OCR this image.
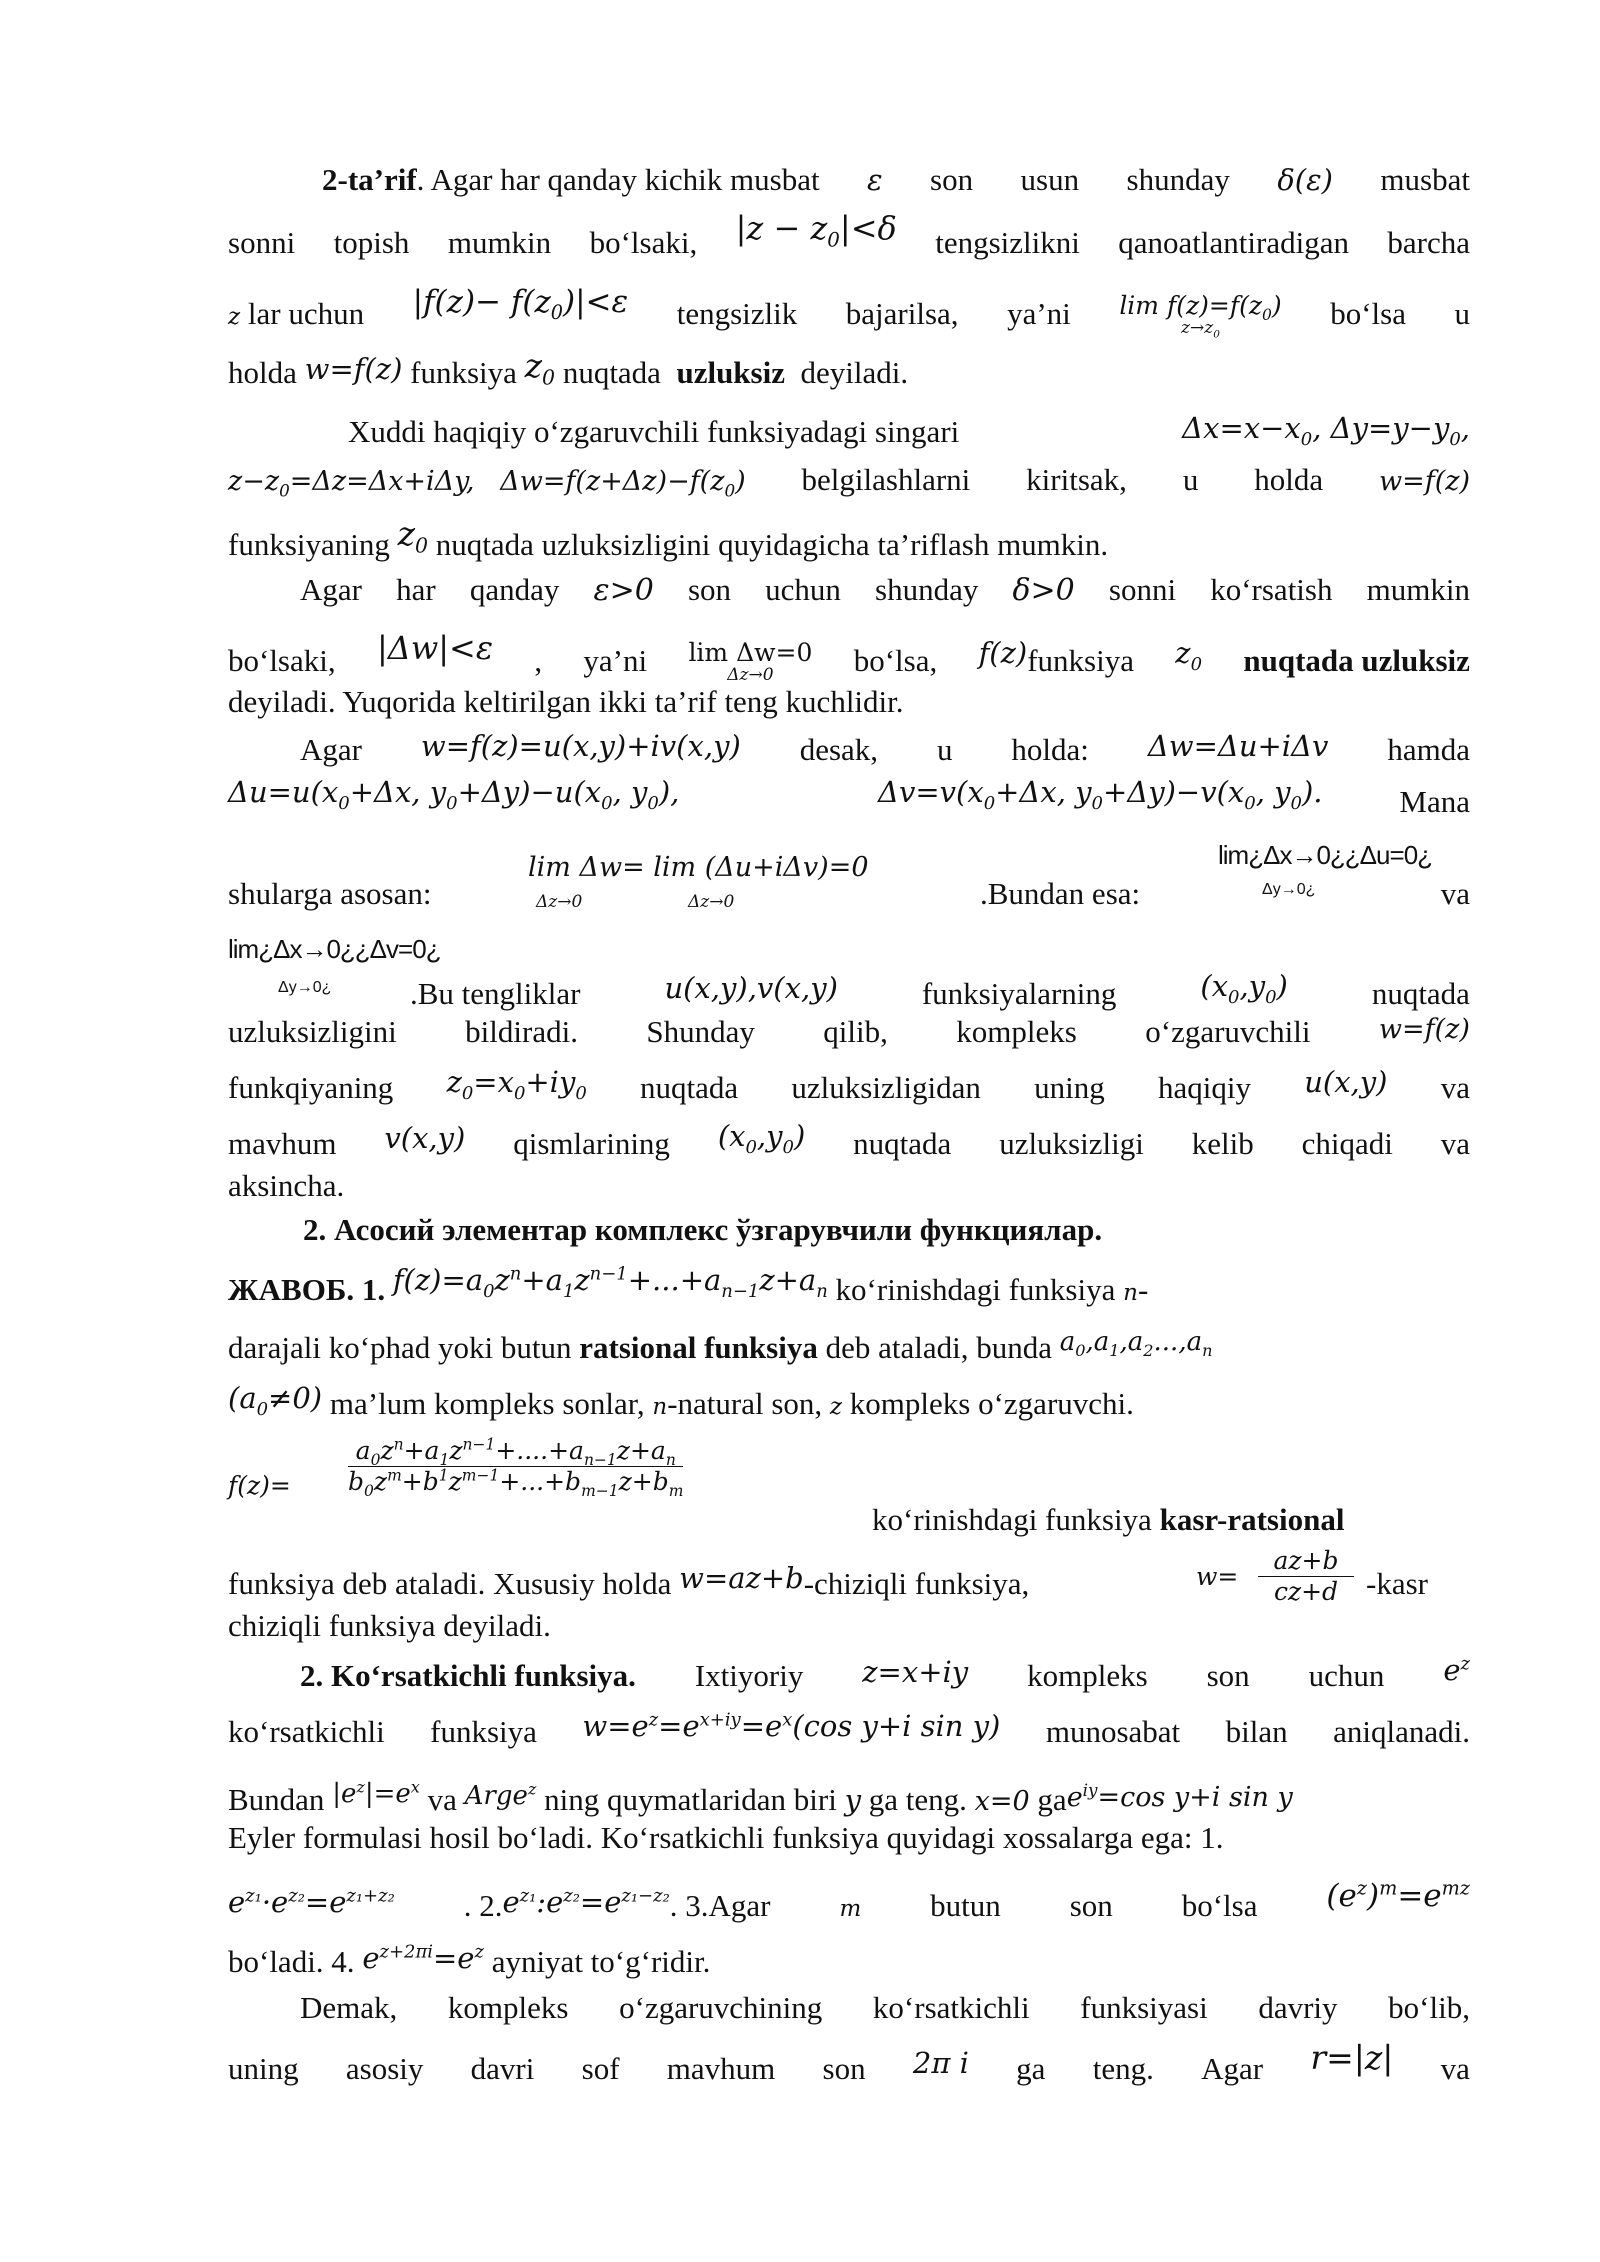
2-ta’rif. Agar har qanday kichik musbat ε son usun shunday δ(ε) musbat
sonni topish mumkin bo‘lsaki, $|z - z_0|<\delta$ tengsizlikni qanoatlantiradigan barcha
z lar uchun $|f(z)- f(z_0)|<\varepsilon$ tengsizlik bajarilsa, ya’ni $\lim f(z)=f(z_0)$
$z\to z_0$
bo‘lsa u
holda w=f(z) funksiya $z_0$ nuqtada  uzluksiz  deyiladi.
Xuddi haqiqiy o‘zgaruvchili funksiyadagi singari	$\Delta x=x-x_0$, $\Delta y=y-y_0$,
$z-z_0=\Delta z=\Delta x+i\Delta y$,   $\Delta w=f(z+\Delta z)-f(z_0)$ belgilashlarni kiritsak, u holda w=f(z)
funksiyaning $z_0$ nuqtada uzluksizligini quyidagicha ta’riflash mumkin.
Agar har qanday ε>0 son uchun shunday δ>0 sonni ko‘rsatish mumkin
bo‘lsaki, |Δw|<ε , ya’ni lim Δw=0
Δz→0	bo‘lsa, f(z)funksiya $z_0$ nuqtada uzluksiz
deyiladi. Yuqorida keltirilgan ikki ta’rif teng kuchlidir.
Agar w=f(z)=u(x,y)+iv(x,y) desak, u holda: Δw=Δu+iΔv hamda
$\Delta u=u(x_0+\Delta x$, $y_0+\Delta y)-u(x_0$, $y_0$),	$\Delta v=v(x_0+\Delta x$, $y_0+\Delta y)-v(x_0$, $y_0$). Mana
shulargа asosan:
lim Δw= lim (Δu+iΔv)=0
Δz→0	Δz→0	.Bundan esa:
lim¿Δx→0¿¿Δu=0¿
Δy→0¿	va
lim¿Δx→0¿¿Δv=0¿
Δy→0¿	.Bu tengliklar	u(x,y),v(x,y)	funksiyalarning	$(x_0,y_0)$	nuqtada
uzluksizligini bildiradi. Shunday qilib, kompleks o‘zgaruvchili	w=f(z)
funkqiyaning $z_0=x_0+iy_0$ nuqtada uzluksizligidan uning haqiqiy u(x,y) va
mavhum v(x,y) qismlarining $(x_0,y_0)$ nuqtada uzluksizligi kelib chiqadi va
aksincha.
2. Асосий элементар комплекс ўзгарувчили функциялар.
ЖАВОБ. 1. $f(z)=a_0z^n+a_1z^{n-1}+...+a_{n-1}z+a_n$ ko‘rinishdagi funksiya n-
darajali ko‘phad yoki butun ratsional funksiya deb ataladi, bunda $^{a_0,a_1,a_2...,a_n}$
$(a_0\ne 0)$ ma’lum kompleks sonlar, n-natural son, z kompleks o‘zgaruvchi.
f(z)=
$a_0z^n+a_1z^{n-1}+....+a_{n-1}z+a_n$
$b_0z^m+b^1z^{m-1}+...+b_{m-1}z+b_m$
ko‘rinishdagi funksiya kasr-ratsional
funksiya deb ataladi. Xususiy holda w=az+b-chiziqli funksiya,	w=
az+b
cz+d -kasr
chiziqli funksiya deyiladi.
2. Ko‘rsatkichli funksiya. Ixtiyoriy z=x+iy kompleks son uchun $e^z$
ko‘rsatkichli funksiya $w=e^z=e^{x+iy}=e^x(\cos$ y+i sin y) munosabat bilan aniqlanadi.
Bundan $^{|e^z|=e^x}$ va Arge$^z$ ning quymatlaridan biri y ga teng. x=0 gae$^{iy}$=cos y+i sin y
Eyler formulasi hosil bo‘ladi. Ko‘rsatkichli funksiya quyidagi xossalarga ega: 1.
$e^{z_1}\cdot e^{z_2}=e^{z_1+z_2}$ . $2.e^{z_1}:e^{z_2}=e^{z_1-z_2}$. 3.Agar	m butun son bo‘lsa $(e^z)^m=e^{mz}$
bo‘ladi. 4. $e^{z+2\pi i}=e^z$ ayniyat to‘g‘ridir.
Demak, kompleks o‘zgaruvchining ko‘rsatkichli funksiyasi davriy bo‘lib,
uning asosiy davri sof mavhum son 2π i ga teng. Agar r=|z| va
